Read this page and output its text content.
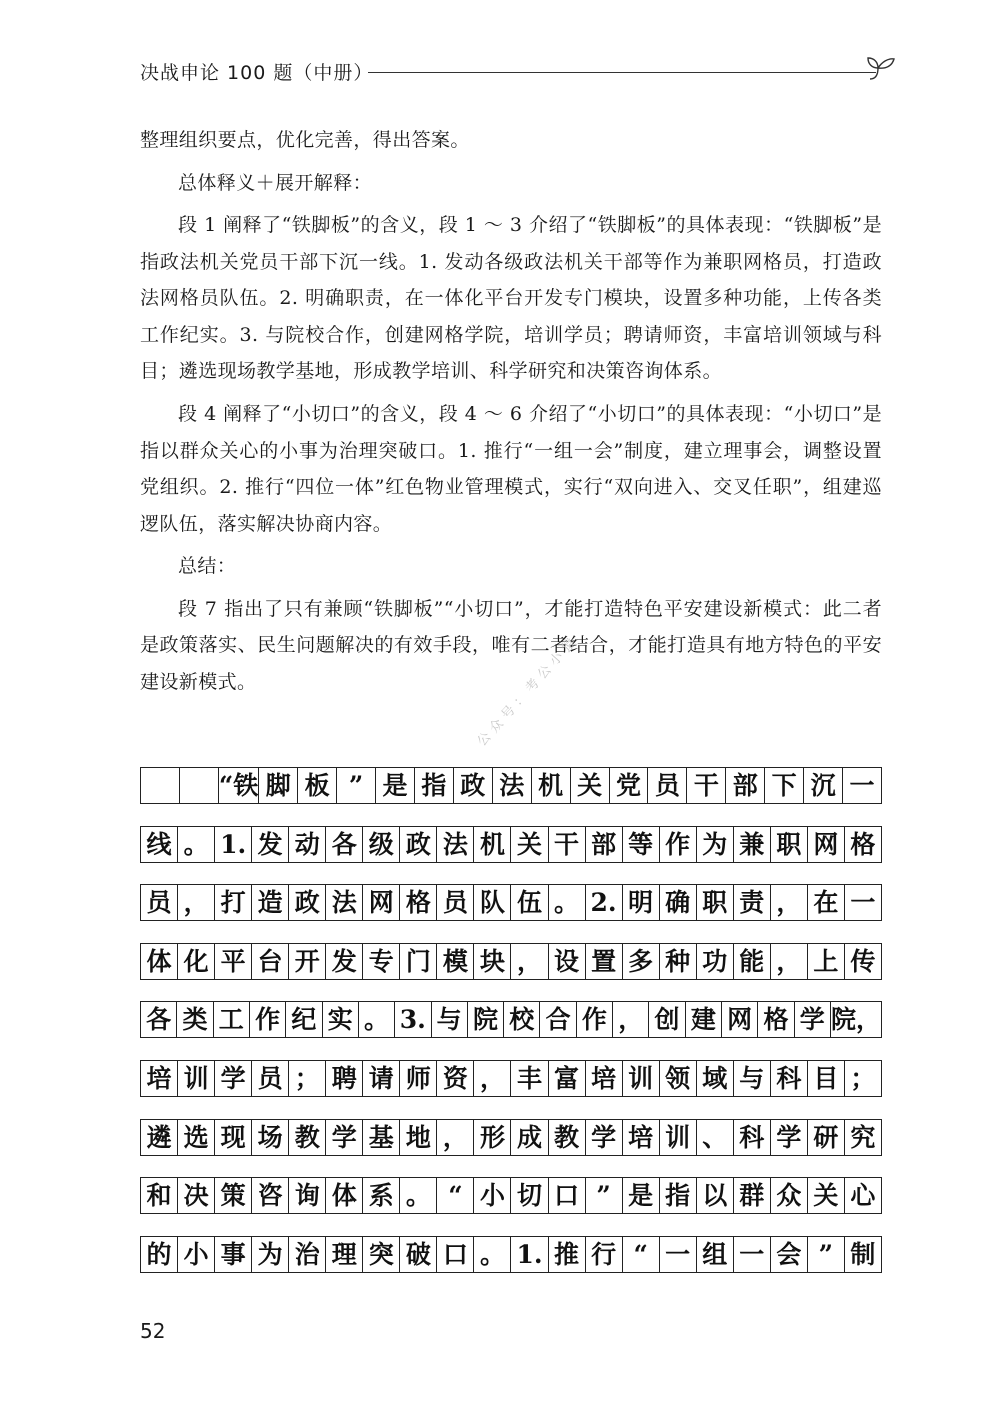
决战申论 100 题（中册）

整理组织要点，优化完善，得出答案。

总体释义＋展开解释：

段 1 阐释了“铁脚板”的含义，段 1 ～ 3 介绍了“铁脚板”的具体表现：“铁脚板”是指政法机关党员干部下沉一线。1. 发动各级政法机关干部等作为兼职网格员，打造政法网格员队伍。2. 明确职责，在一体化平台开发专门模块，设置多种功能，上传各类工作纪实。3. 与院校合作，创建网格学院，培训学员；聘请师资，丰富培训领域与科目；遴选现场教学基地，形成教学培训、科学研究和决策咨询体系。

段 4 阐释了“小切口”的含义，段 4 ～ 6 介绍了“小切口”的具体表现：“小切口”是指以群众关心的小事为治理突破口。1. 推行“一组一会”制度，建立理事会，调整设置党组织。2. 推行“四位一体”红色物业管理模式，实行“双向进入、交叉任职”，组建巡逻队伍，落实解决协商内容。

总结：

段 7 指出了只有兼顾“铁脚板”“小切口”，才能打造特色平安建设新模式：此二者是政策落实、民生问题解决的有效手段，唯有二者结合，才能打造具有地方特色的平安建设新模式。	公众号：考公小猿
“铁 脚 板 ” 是 指 政 法 机 关 党 员 干 部 下 沉 一
线 。 1. 发 动 各 级 政 法 机 关 干 部 等 作 为 兼 职 网 格
员 ， 打 造 政 法 网 格 员 队 伍 。 2. 明 确 职 责 ， 在 一
体 化 平 台 开 发 专 门 模 块 ， 设 置 多 种 功 能 ， 上 传
各 类 工 作 纪 实 。 3. 与 院 校 合 作 ， 创 建 网 格 学 院，
培 训 学 员 ； 聘 请 师 资 ， 丰 富 培 训 领 域 与 科 目 ；
遴 选 现 场 教 学 基 地 ， 形 成 教 学 培 训 、 科 学 研 究
和 决 策 咨 询 体 系 。 “ 小 切 口 ” 是 指 以 群 众 关 心
的 小 事 为 治 理 突 破 口 。 1. 推 行 “ 一 组 一 会 ” 制
52
